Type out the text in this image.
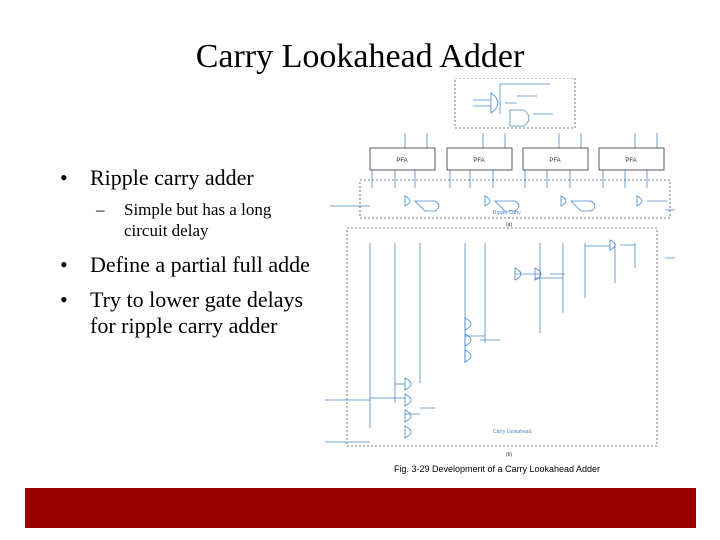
Carry Lookahead Adder
• Ripple carry adder
– Simple but has a long
circuit delay
• Define a partial full adde
• Try to lower gate delays
for ripple carry adder
PFA	PFA	PFA	PFA
Ripple Carry
Carry Lookahead
(a)
(b)
Fig. 3-29 Development of a Carry Lookahead Adder
